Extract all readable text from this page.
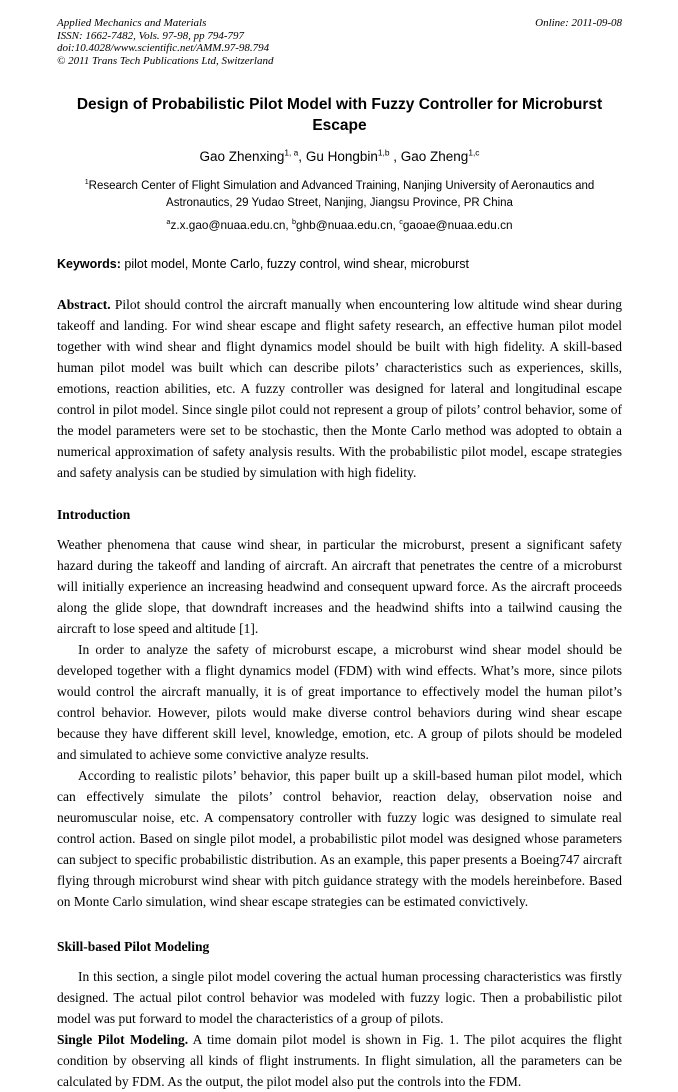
Applied Mechanics and Materials	Online: 2011-09-08
ISSN: 1662-7482, Vols. 97-98, pp 794-797
doi:10.4028/www.scientific.net/AMM.97-98.794
© 2011 Trans Tech Publications Ltd, Switzerland
Design of Probabilistic Pilot Model with Fuzzy Controller for Microburst Escape
Gao Zhenxing$^{1, a}$, Gu Hongbin$^{1,b}$ , Gao Zheng$^{1,c}$
$^1$Research Center of Flight Simulation and Advanced Training, Nanjing University of Aeronautics and Astronautics, 29 Yudao Street, Nanjing, Jiangsu Province, PR China
$^a$z.x.gao@nuaa.edu.cn, $^b$ghb@nuaa.edu.cn, $^c$gaoae@nuaa.edu.cn
Keywords: pilot model, Monte Carlo, fuzzy control, wind shear, microburst

Abstract. Pilot should control the aircraft manually when encountering low altitude wind shear during takeoff and landing. For wind shear escape and flight safety research, an effective human pilot model together with wind shear and flight dynamics model should be built with high fidelity. A skill-based human pilot model was built which can describe pilots’ characteristics such as experiences, skills, emotions, reaction abilities, etc. A fuzzy controller was designed for lateral and longitudinal escape control in pilot model. Since single pilot could not represent a group of pilots’ control behavior, some of the model parameters were set to be stochastic, then the Monte Carlo method was adopted to obtain a numerical approximation of safety analysis results. With the probabilistic pilot model, escape strategies and safety analysis can be studied by simulation with high fidelity.

Introduction

Weather phenomena that cause wind shear, in particular the microburst, present a significant safety hazard during the takeoff and landing of aircraft. An aircraft that penetrates the centre of a microburst will initially experience an increasing headwind and consequent upward force. As the aircraft proceeds along the glide slope, that downdraft increases and the headwind shifts into a tailwind causing the aircraft to lose speed and altitude [1].

In order to analyze the safety of microburst escape, a microburst wind shear model should be developed together with a flight dynamics model (FDM) with wind effects. What’s more, since pilots would control the aircraft manually, it is of great importance to effectively model the human pilot’s control behavior. However, pilots would make diverse control behaviors during wind shear escape because they have different skill level, knowledge, emotion, etc. A group of pilots should be modeled and simulated to achieve some convictive analyze results.

According to realistic pilots’ behavior, this paper built up a skill-based human pilot model, which can effectively simulate the pilots’ control behavior, reaction delay, observation noise and neuromuscular noise, etc. A compensatory controller with fuzzy logic was designed to simulate real control action. Based on single pilot model, a probabilistic pilot model was designed whose parameters can subject to specific probabilistic distribution. As an example, this paper presents a Boeing747 aircraft flying through microburst wind shear with pitch guidance strategy with the models hereinbefore. Based on Monte Carlo simulation, wind shear escape strategies can be estimated convictively.

Skill-based Pilot Modeling

In this section, a single pilot model covering the actual human processing characteristics was firstly designed. The actual pilot control behavior was modeled with fuzzy logic. Then a probabilistic pilot model was put forward to model the characteristics of a group of pilots.

Single Pilot Modeling. A time domain pilot model is shown in Fig. 1. The pilot acquires the flight condition by observing all kinds of flight instruments. In flight simulation, all the parameters can be calculated by FDM. As the output, the pilot model also put the controls into the FDM.
